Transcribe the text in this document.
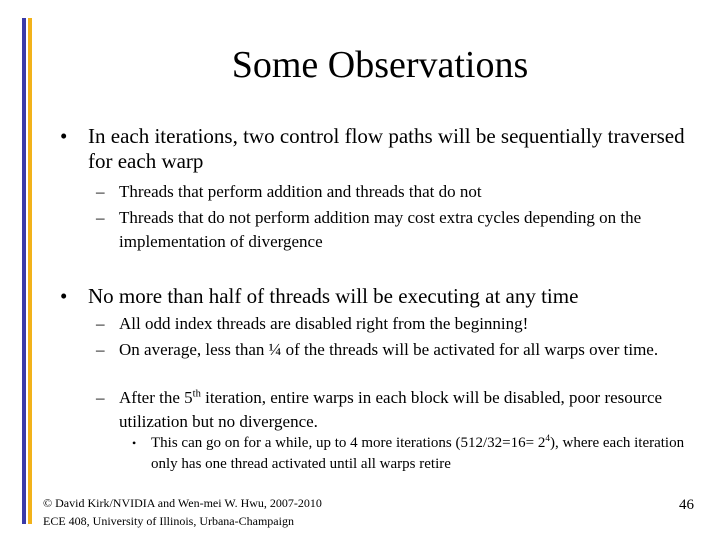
Some Observations
• In each iterations, two control flow paths will be sequentially traversed for each warp
– Threads that perform addition and threads that do not
– Threads that do not perform addition may cost extra cycles depending on the implementation of divergence
• No more than half of threads will be executing at any time
– All odd index threads are disabled right from the beginning!
– On average, less than ¼ of the threads will be activated for all warps over time.
– After the 5th iteration, entire warps in each block will be disabled, poor resource utilization but no divergence.
• This can go on for a while, up to 4 more iterations $(512/32=16= 2^4)$, where each iteration only has one thread activated until all warps retire
© David Kirk/NVIDIA and Wen-mei W. Hwu, 2007-2010
ECE 408, University of Illinois, Urbana-Champaign
46
